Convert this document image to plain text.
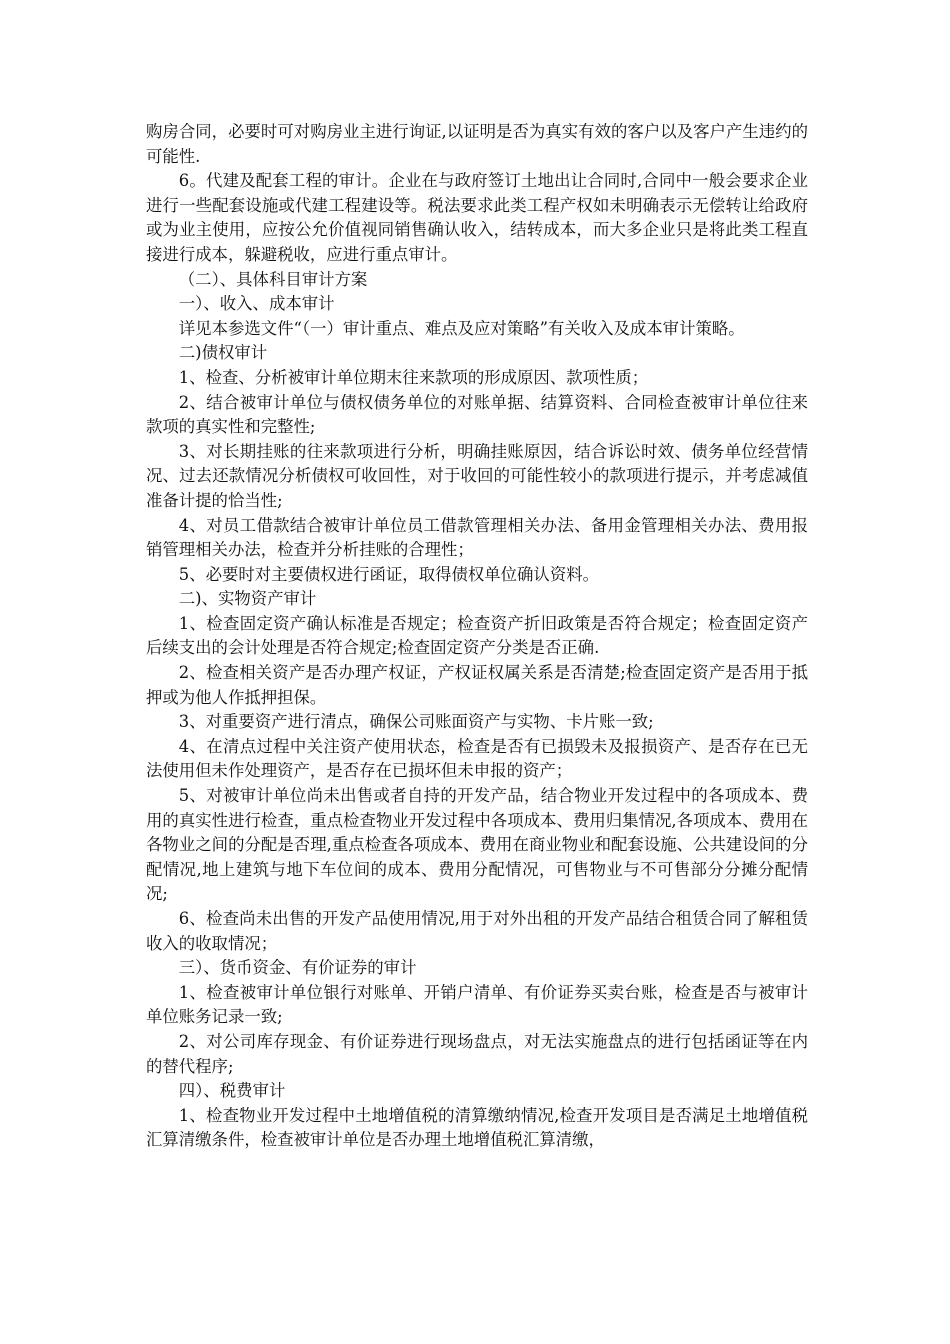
购房合同，必要时可对购房业主进行询证,以证明是否为真实有效的客户以及客户产生违约的可能性.

6。代建及配套工程的审计。企业在与政府签订土地出让合同时,合同中一般会要求企业进行一些配套设施或代建工程建设等。税法要求此类工程产权如未明确表示无偿转让给政府或为业主使用，应按公允价值视同销售确认收入，结转成本，而大多企业只是将此类工程直接进行成本，躲避税收，应进行重点审计。

（二）、具体科目审计方案

一）、收入、成本审计

详见本参选文件“（一）审计重点、难点及应对策略”有关收入及成本审计策略。

二)债权审计

1、检查、分析被审计单位期末往来款项的形成原因、款项性质；

2、结合被审计单位与债权债务单位的对账单据、结算资料、合同检查被审计单位往来款项的真实性和完整性;

3、对长期挂账的往来款项进行分析，明确挂账原因，结合诉讼时效、债务单位经营情况、过去还款情况分析债权可收回性，对于收回的可能性较小的款项进行提示，并考虑减值准备计提的恰当性;

4、对员工借款结合被审计单位员工借款管理相关办法、备用金管理相关办法、费用报销管理相关办法，检查并分析挂账的合理性；

5、必要时对主要债权进行函证，取得债权单位确认资料。

二)、实物资产审计

1、检查固定资产确认标准是否规定；检查资产折旧政策是否符合规定；检查固定资产后续支出的会计处理是否符合规定;检查固定资产分类是否正确.

2、检查相关资产是否办理产权证，产权证权属关系是否清楚;检查固定资产是否用于抵押或为他人作抵押担保。

3、对重要资产进行清点，确保公司账面资产与实物、卡片账一致;

4、在清点过程中关注资产使用状态，检查是否有已损毁未及报损资产、是否存在已无法使用但未作处理资产，是否存在已损坏但未申报的资产；

5、对被审计单位尚未出售或者自持的开发产品，结合物业开发过程中的各项成本、费用的真实性进行检查，重点检查物业开发过程中各项成本、费用归集情况,各项成本、费用在各物业之间的分配是否理,重点检查各项成本、费用在商业物业和配套设施、公共建设间的分配情况,地上建筑与地下车位间的成本、费用分配情况，可售物业与不可售部分分摊分配情况;

6、检查尚未出售的开发产品使用情况,用于对外出租的开发产品结合租赁合同了解租赁收入的收取情况；

三）、货币资金、有价证券的审计

1、检查被审计单位银行对账单、开销户清单、有价证券买卖台账，检查是否与被审计单位账务记录一致;

2、对公司库存现金、有价证券进行现场盘点，对无法实施盘点的进行包括函证等在内的替代程序;

四）、税费审计

1、检查物业开发过程中土地增值税的清算缴纳情况,检查开发项目是否满足土地增值税汇算清缴条件，检查被审计单位是否办理土地增值税汇算清缴，
